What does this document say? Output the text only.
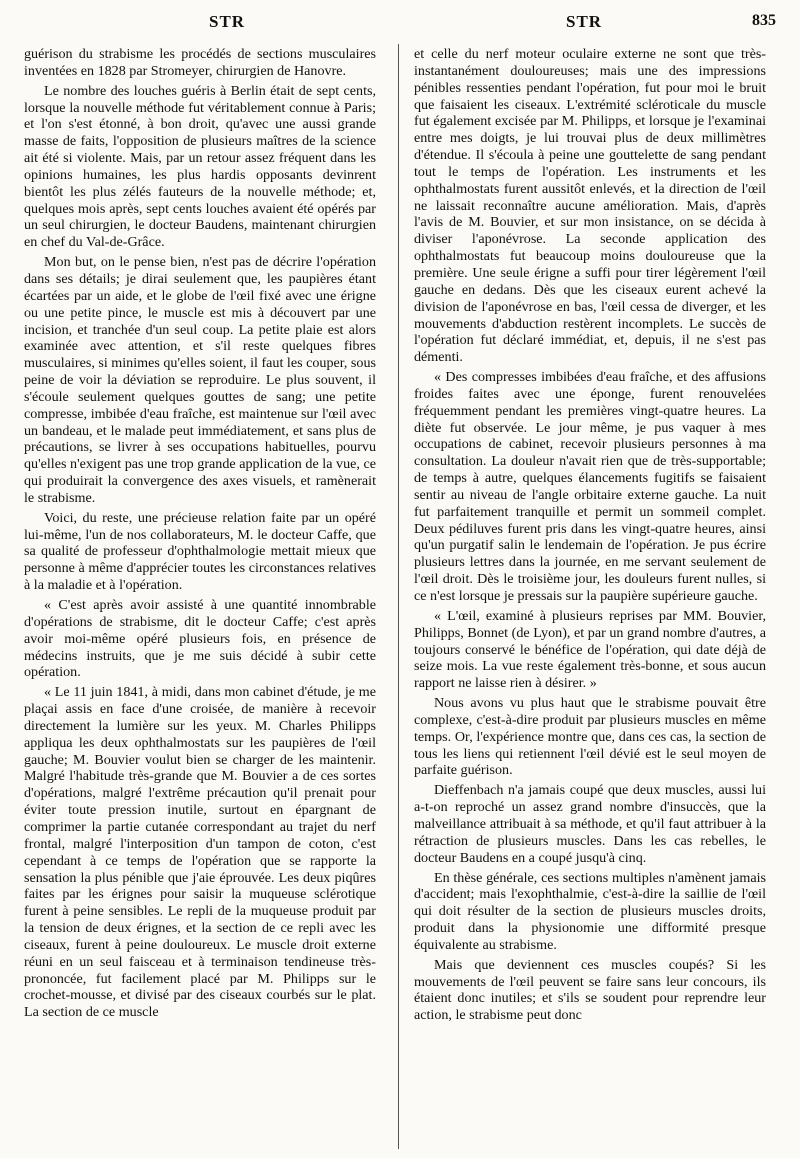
STR	STR	835

guérison du strabisme les procédés de sections musculaires inventées en 1828 par Stromeyer, chirurgien de Hanovre.

Le nombre des louches guéris à Berlin était de sept cents, lorsque la nouvelle méthode fut véritablement connue à Paris; et l'on s'est étonné, à bon droit, qu'avec une aussi grande masse de faits, l'opposition de plusieurs maîtres de la science ait été si violente. Mais, par un retour assez fréquent dans les opinions humaines, les plus hardis opposants devinrent bientôt les plus zélés fauteurs de la nouvelle méthode; et, quelques mois après, sept cents louches avaient été opérés par un seul chirurgien, le docteur Baudens, maintenant chirurgien en chef du Val-de-Grâce.

Mon but, on le pense bien, n'est pas de décrire l'opération dans ses détails; je dirai seulement que, les paupières étant écartées par un aide, et le globe de l'œil fixé avec une érigne ou une petite pince, le muscle est mis à découvert par une incision, et tranchée d'un seul coup. La petite plaie est alors examinée avec attention, et s'il reste quelques fibres musculaires, si minimes qu'elles soient, il faut les couper, sous peine de voir la déviation se reproduire. Le plus souvent, il s'écoule seulement quelques gouttes de sang; une petite compresse, imbibée d'eau fraîche, est maintenue sur l'œil avec un bandeau, et le malade peut immédiatement, et sans plus de précautions, se livrer à ses occupations habituelles, pourvu qu'elles n'exigent pas une trop grande application de la vue, ce qui produirait la convergence des axes visuels, et ramènerait le strabisme.

Voici, du reste, une précieuse relation faite par un opéré lui-même, l'un de nos collaborateurs, M. le docteur Caffe, que sa qualité de professeur d'ophthalmologie mettait mieux que personne à même d'apprécier toutes les circonstances relatives à la maladie et à l'opération.

« C'est après avoir assisté à une quantité innombrable d'opérations de strabisme, dit le docteur Caffe; c'est après avoir moi-même opéré plusieurs fois, en présence de médecins instruits, que je me suis décidé à subir cette opération.

« Le 11 juin 1841, à midi, dans mon cabinet d'étude, je me plaçai assis en face d'une croisée, de manière à recevoir directement la lumière sur les yeux. M. Charles Philipps appliqua les deux ophthalmostats sur les paupières de l'œil gauche; M. Bouvier voulut bien se charger de les maintenir. Malgré l'habitude très-grande que M. Bouvier a de ces sortes d'opérations, malgré l'extrême précaution qu'il prenait pour éviter toute pression inutile, surtout en épargnant de comprimer la partie cutanée correspondant au trajet du nerf frontal, malgré l'interposition d'un tampon de coton, c'est cependant à ce temps de l'opération que se rapporte la sensation la plus pénible que j'aie éprouvée. Les deux piqûres faites par les érignes pour saisir la muqueuse sclérotique furent à peine sensibles. Le repli de la muqueuse produit par la tension de deux érignes, et la section de ce repli avec les ciseaux, furent à peine douloureux. Le muscle droit externe réuni en un seul faisceau et à terminaison tendineuse très-prononcée, fut facilement placé par M. Philipps sur le crochet-mousse, et divisé par des ciseaux courbés sur le plat. La section de ce muscle

et celle du nerf moteur oculaire externe ne sont que très-instantanément douloureuses; mais une des impressions pénibles ressenties pendant l'opération, fut pour moi le bruit que faisaient les ciseaux. L'extrémité scléroticale du muscle fut également excisée par M. Philipps, et lorsque je l'examinai entre mes doigts, je lui trouvai plus de deux millimètres d'étendue. Il s'écoula à peine une gouttelette de sang pendant tout le temps de l'opération. Les instruments et les ophthalmostats furent aussitôt enlevés, et la direction de l'œil ne laissait reconnaître aucune amélioration. Mais, d'après l'avis de M. Bouvier, et sur mon insistance, on se décida à diviser l'aponévrose. La seconde application des ophthalmostats fut beaucoup moins douloureuse que la première. Une seule érigne a suffi pour tirer légèrement l'œil gauche en dedans. Dès que les ciseaux eurent achevé la division de l'aponévrose en bas, l'œil cessa de diverger, et les mouvements d'abduction restèrent incomplets. Le succès de l'opération fut déclaré immédiat, et, depuis, il ne s'est pas démenti.

« Des compresses imbibées d'eau fraîche, et des affusions froides faites avec une éponge, furent renouvelées fréquemment pendant les premières vingt-quatre heures. La diète fut observée. Le jour même, je pus vaquer à mes occupations de cabinet, recevoir plusieurs personnes à ma consultation. La douleur n'avait rien que de très-supportable; de temps à autre, quelques élancements fugitifs se faisaient sentir au niveau de l'angle orbitaire externe gauche. La nuit fut parfaitement tranquille et permit un sommeil complet. Deux pédiluves furent pris dans les vingt-quatre heures, ainsi qu'un purgatif salin le lendemain de l'opération. Je pus écrire plusieurs lettres dans la journée, en me servant seulement de l'œil droit. Dès le troisième jour, les douleurs furent nulles, si ce n'est lorsque je pressais sur la paupière supérieure gauche.

« L'œil, examiné à plusieurs reprises par MM. Bouvier, Philipps, Bonnet (de Lyon), et par un grand nombre d'autres, a toujours conservé le bénéfice de l'opération, qui date déjà de seize mois. La vue reste également très-bonne, et sous aucun rapport ne laisse rien à désirer. »

Nous avons vu plus haut que le strabisme pouvait être complexe, c'est-à-dire produit par plusieurs muscles en même temps. Or, l'expérience montre que, dans ces cas, la section de tous les liens qui retiennent l'œil dévié est le seul moyen de parfaite guérison.

Dieffenbach n'a jamais coupé que deux muscles, aussi lui a-t-on reproché un assez grand nombre d'insuccès, que la malveillance attribuait à sa méthode, et qu'il faut attribuer à la rétraction de plusieurs muscles. Dans les cas rebelles, le docteur Baudens en a coupé jusqu'à cinq.

En thèse générale, ces sections multiples n'amènent jamais d'accident; mais l'exophthalmie, c'est-à-dire la saillie de l'œil qui doit résulter de la section de plusieurs muscles droits, produit dans la physionomie une difformité presque équivalente au strabisme.

Mais que deviennent ces muscles coupés? Si les mouvements de l'œil peuvent se faire sans leur concours, ils étaient donc inutiles; et s'ils se soudent pour reprendre leur action, le strabisme peut donc
